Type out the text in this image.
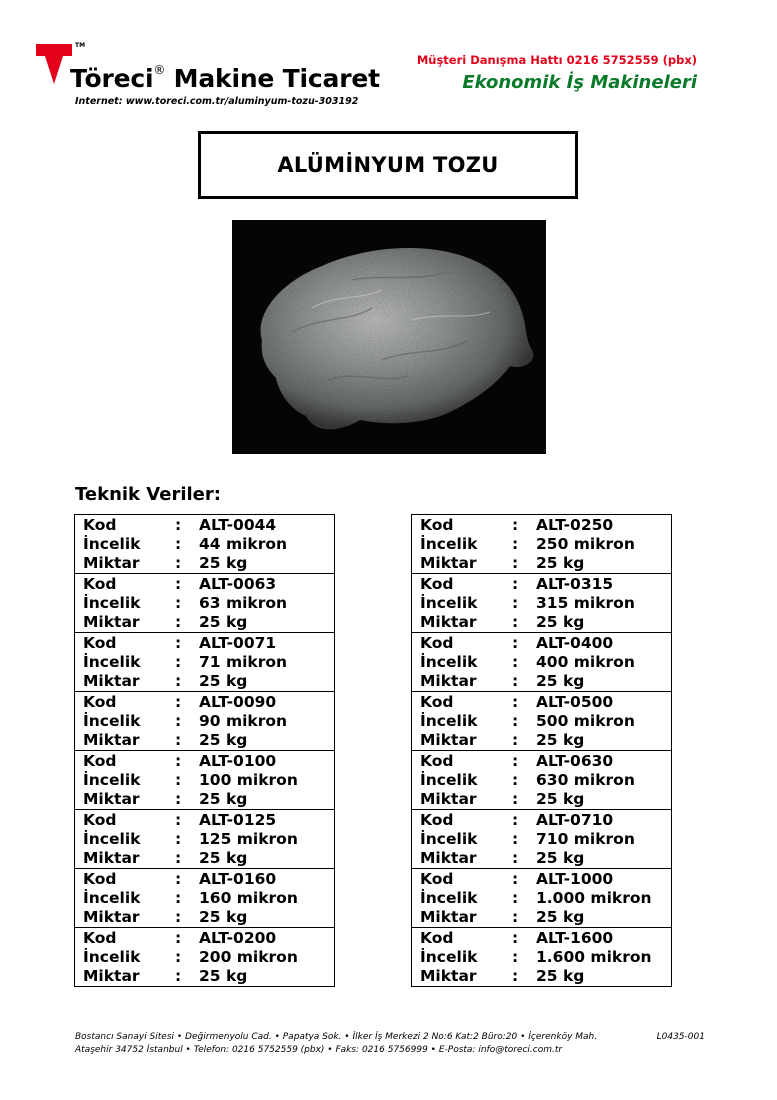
TM
Töreci® Makine Ticaret
Internet: www.toreci.com.tr/aluminyum-tozu-303192
Müşteri Danışma Hattı 0216 5752559 (pbx)
Ekonomik İş Makineleri
ALÜMİNYUM TOZU
Teknik Veriler:
Kod	:	ALT-0044
İncelik	:	44 mikron
Miktar	:	25 kg
Kod	:	ALT-0063
İncelik	:	63 mikron
Miktar	:	25 kg
Kod	:	ALT-0071
İncelik	:	71 mikron
Miktar	:	25 kg
Kod	:	ALT-0090
İncelik	:	90 mikron
Miktar	:	25 kg
Kod	:	ALT-0100
İncelik	:	100 mikron
Miktar	:	25 kg
Kod	:	ALT-0125
İncelik	:	125 mikron
Miktar	:	25 kg
Kod	:	ALT-0160
İncelik	:	160 mikron
Miktar	:	25 kg
Kod	:	ALT-0200
İncelik	:	200 mikron
Miktar	:	25 kg
Kod	:	ALT-0250
İncelik	:	250 mikron
Miktar	:	25 kg
Kod	:	ALT-0315
İncelik	:	315 mikron
Miktar	:	25 kg
Kod	:	ALT-0400
İncelik	:	400 mikron
Miktar	:	25 kg
Kod	:	ALT-0500
İncelik	:	500 mikron
Miktar	:	25 kg
Kod	:	ALT-0630
İncelik	:	630 mikron
Miktar	:	25 kg
Kod	:	ALT-0710
İncelik	:	710 mikron
Miktar	:	25 kg
Kod	:	ALT-1000
İncelik	:	1.000 mikron
Miktar	:	25 kg
Kod	:	ALT-1600
İncelik	:	1.600 mikron
Miktar	:	25 kg
Bostancı Sanayi Sitesi • Değirmenyolu Cad. • Papatya Sok. • İlker İş Merkezi 2 No:6 Kat:2 Büro:20 • İçerenköy Mah.
Ataşehir 34752 İstanbul • Telefon: 0216 5752559 (pbx) • Faks: 0216 5756999 • E-Posta: info@toreci.com.tr
L0435-001
